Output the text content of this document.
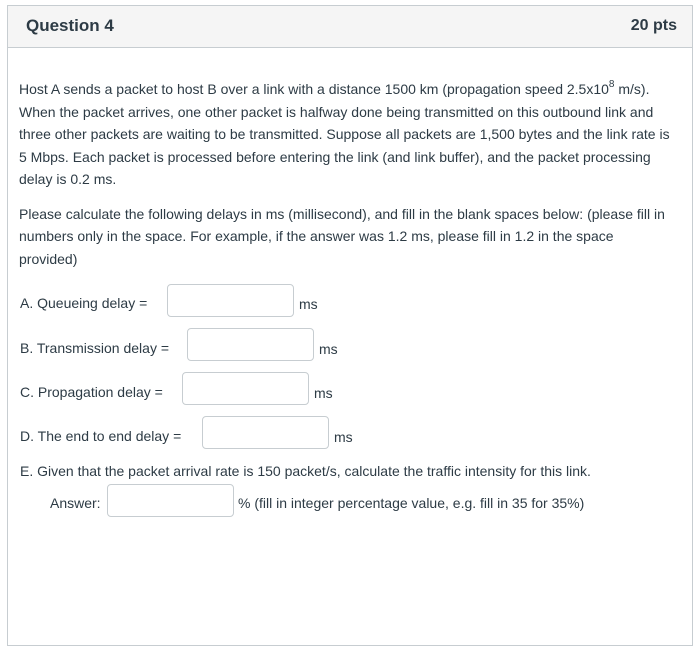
Question 4	20 pts

Host A sends a packet to host B over a link with a distance 1500 km (propagation speed $2.5x10^8$ m/s). When the packet arrives, one other packet is halfway done being transmitted on this outbound link and three other packets are waiting to be transmitted. Suppose all packets are 1,500 bytes and the link rate is 5 Mbps. Each packet is processed before entering the link (and link buffer), and the packet processing delay is 0.2 ms.

Please calculate the following delays in ms (millisecond), and fill in the blank spaces below: (please fill in numbers only in the space. For example, if the answer was 1.2 ms, please fill in 1.2 in the space provided)

A. Queueing delay =	ms
B. Transmission delay =	ms
C. Propagation delay =	ms
D. The end to end delay =	ms
E. Given that the packet arrival rate is 150 packet/s, calculate the traffic intensity for this link.
Answer:	% (fill in integer percentage value, e.g. fill in 35 for 35%)
